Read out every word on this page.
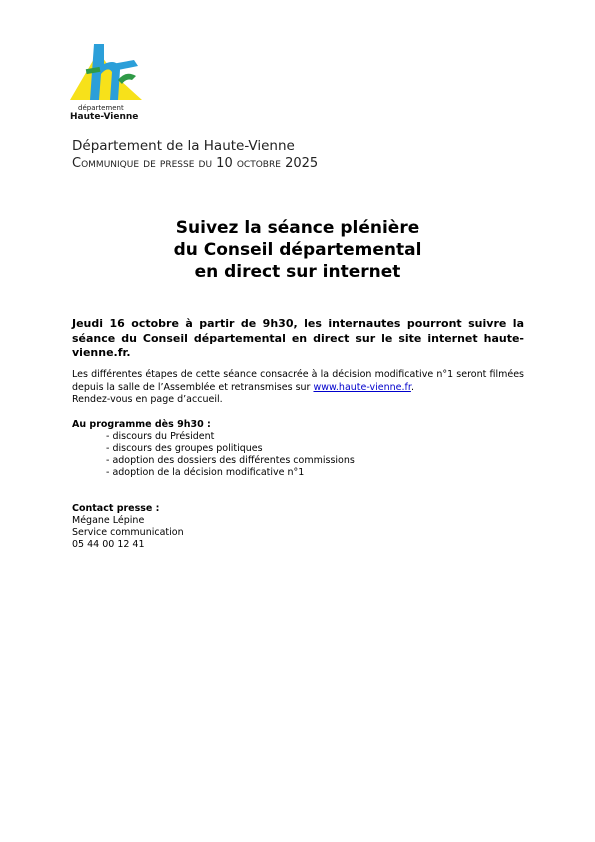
département
Haute-Vienne
Département de la Haute-Vienne
Communique de presse du 10 octobre 2025
Suivez la séance plénière
du Conseil départemental
en direct sur internet
Jeudi 16 octobre à partir de 9h30, les internautes pourront suivre la séance du Conseil départemental en direct sur le site internet haute-vienne.fr.
Les différentes étapes de cette séance consacrée à la décision modificative n°1 seront filmées depuis la salle de l’Assemblée et retransmises sur www.haute-vienne.fr.
Rendez-vous en page d’accueil.
Au programme dès 9h30 :
- discours du Président
- discours des groupes politiques
- adoption des dossiers des différentes commissions
- adoption de la décision modificative n°1
Contact presse :
Mégane Lépine
Service communication
05 44 00 12 41
